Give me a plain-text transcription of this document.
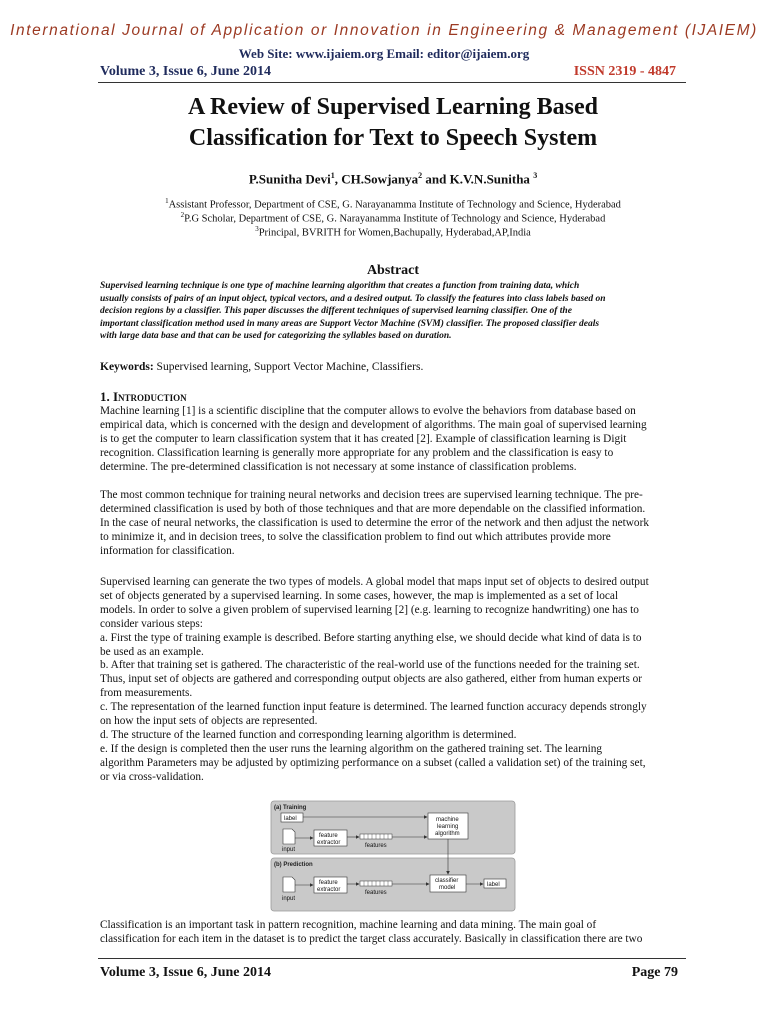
International Journal of Application or Innovation in Engineering & Management (IJAIEM)
Web Site: www.ijaiem.org Email: editor@ijaiem.org
Volume 3, Issue 6, June 2014	ISSN 2319 - 4847
A Review of Supervised Learning Based
Classification for Text to Speech System
P.Sunitha Devi$^1$, CH.Sowjanya$^2$ and K.V.N.Sunitha $^3$
$^1$Assistant Professor, Department of CSE, G. Narayanamma Institute of Technology and Science, Hyderabad
$^2$P.G Scholar, Department of CSE, G. Narayanamma Institute of Technology and Science, Hyderabad
$^3$Principal, BVRITH for Women,Bachupally, Hyderabad,AP,India
Abstract
Supervised learning technique is one type of machine learning algorithm that creates a function from training data, which
usually consists of pairs of an input object, typical vectors, and a desired output. To classify the features into class labels based on
decision regions by a classifier. This paper discusses the different techniques of supervised learning classifier. One of the
important classification method used in many areas are Support Vector Machine (SVM) classifier. The proposed classifier deals
with large data base and that can be used for categorizing the syllables based on duration.
Keywords: Supervised learning, Support Vector Machine, Classifiers.
1. Introduction
Machine learning [1] is a scientific discipline that the computer allows to evolve the behaviors from database based on
empirical data, which is concerned with the design and development of algorithms. The main goal of supervised learning
is to get the computer to learn classification system that it has created [2]. Example of classification learning is Digit
recognition. Classification learning is generally more appropriate for any problem and the classification is easy to
determine. The pre-determined classification is not necessary at some instance of classification problems.
The most common technique for training neural networks and decision trees are supervised learning technique. The pre-
determined classification is used by both of those techniques and that are more dependable on the classified information.
In the case of neural networks, the classification is used to determine the error of the network and then adjust the network
to minimize it, and in decision trees, to solve the classification problem to find out which attributes provide more
information for classification.
Supervised learning can generate the two types of models. A global model that maps input set of objects to desired output
set of objects generated by a supervised learning. In some cases, however, the map is implemented as a set of local
models. In order to solve a given problem of supervised learning [2] (e.g. learning to recognize handwriting) one has to
consider various steps:
a. First the type of training example is described. Before starting anything else, we should decide what kind of data is to
be used as an example.
b. After that training set is gathered. The characteristic of the real-world use of the functions needed for the training set.
Thus, input set of objects are gathered and corresponding output objects are also gathered, either from human experts or
from measurements.
c. The representation of the learned function input feature is determined. The learned function accuracy depends strongly
on how the input sets of objects are represented.
d. The structure of the learned function and corresponding learning algorithm is determined.
e. If the design is completed then the user runs the learning algorithm on the gathered training set. The learning
algorithm Parameters may be adjusted by optimizing performance on a subset (called a validation set) of the training set,
or via cross-validation.
(a) Training
(b) Prediction
label
input
feature
extractor	features
machine
learning
algorithm
input
feature
extractor	features
classifier
model	label
Classification is an important task in pattern recognition, machine learning and data mining. The main goal of
classification for each item in the dataset is to predict the target class accurately. Basically in classification there are two
Volume 3, Issue 6, June 2014	Page 79
